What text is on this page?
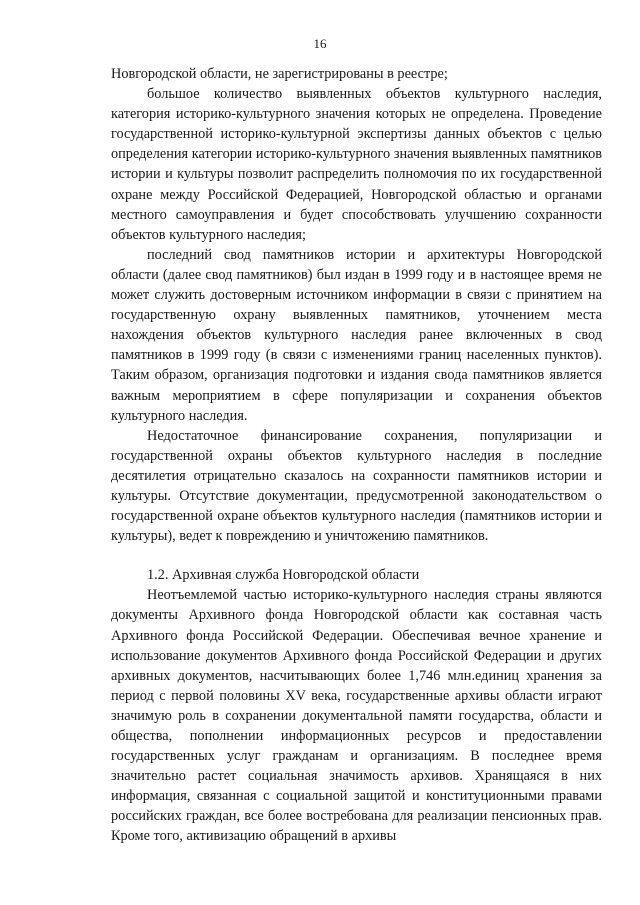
16

Новгородской области, не зарегистрированы в реестре;

большое количество выявленных объектов культурного наследия, категория историко-культурного значения которых не определена. Проведение государственной историко-культурной экспертизы данных объектов с целью определения категории историко-культурного значения выявленных памятников истории и культуры позволит распределить полномочия по их государственной охране между Российской Федерацией, Новгородской областью и органами местного самоуправления и будет способствовать улучшению сохранности объектов культурного наследия;

последний свод памятников истории и архитектуры Новгородской области (далее свод памятников) был издан в 1999 году и в настоящее время не может служить достоверным источником информации в связи с принятием на государственную охрану выявленных памятников, уточнением места нахождения объектов культурного наследия ранее включенных в свод памятников в 1999 году (в связи с изменениями границ населенных пунктов). Таким образом, организация подготовки и издания свода памятников является важным мероприятием в сфере популяризации и сохранения объектов культурного наследия.

Недостаточное финансирование сохранения, популяризации и государственной охраны объектов культурного наследия в последние десятилетия отрицательно сказалось на сохранности памятников истории и культуры. Отсутствие документации, предусмотренной законодательством о государственной охране объектов культурного наследия (памятников истории и культуры), ведет к повреждению и уничтожению памятников.

1.2. Архивная служба Новгородской области

Неотъемлемой частью историко-культурного наследия страны являются документы Архивного фонда Новгородской области как составная часть Архивного фонда Российской Федерации. Обеспечивая вечное хранение и использование документов Архивного фонда Российской Федерации и других архивных документов, насчитывающих более 1,746 млн.единиц хранения за период с первой половины XV века, государственные архивы области играют значимую роль в сохранении документальной памяти государства, области и общества, пополнении информационных ресурсов и предоставлении государственных услуг гражданам и организациям. В последнее время значительно растет социальная значимость архивов. Хранящаяся в них информация, связанная с социальной защитой и конституционными правами российских граждан, все более востребована для реализации пенсионных прав. Кроме того, активизацию обращений в архивы
